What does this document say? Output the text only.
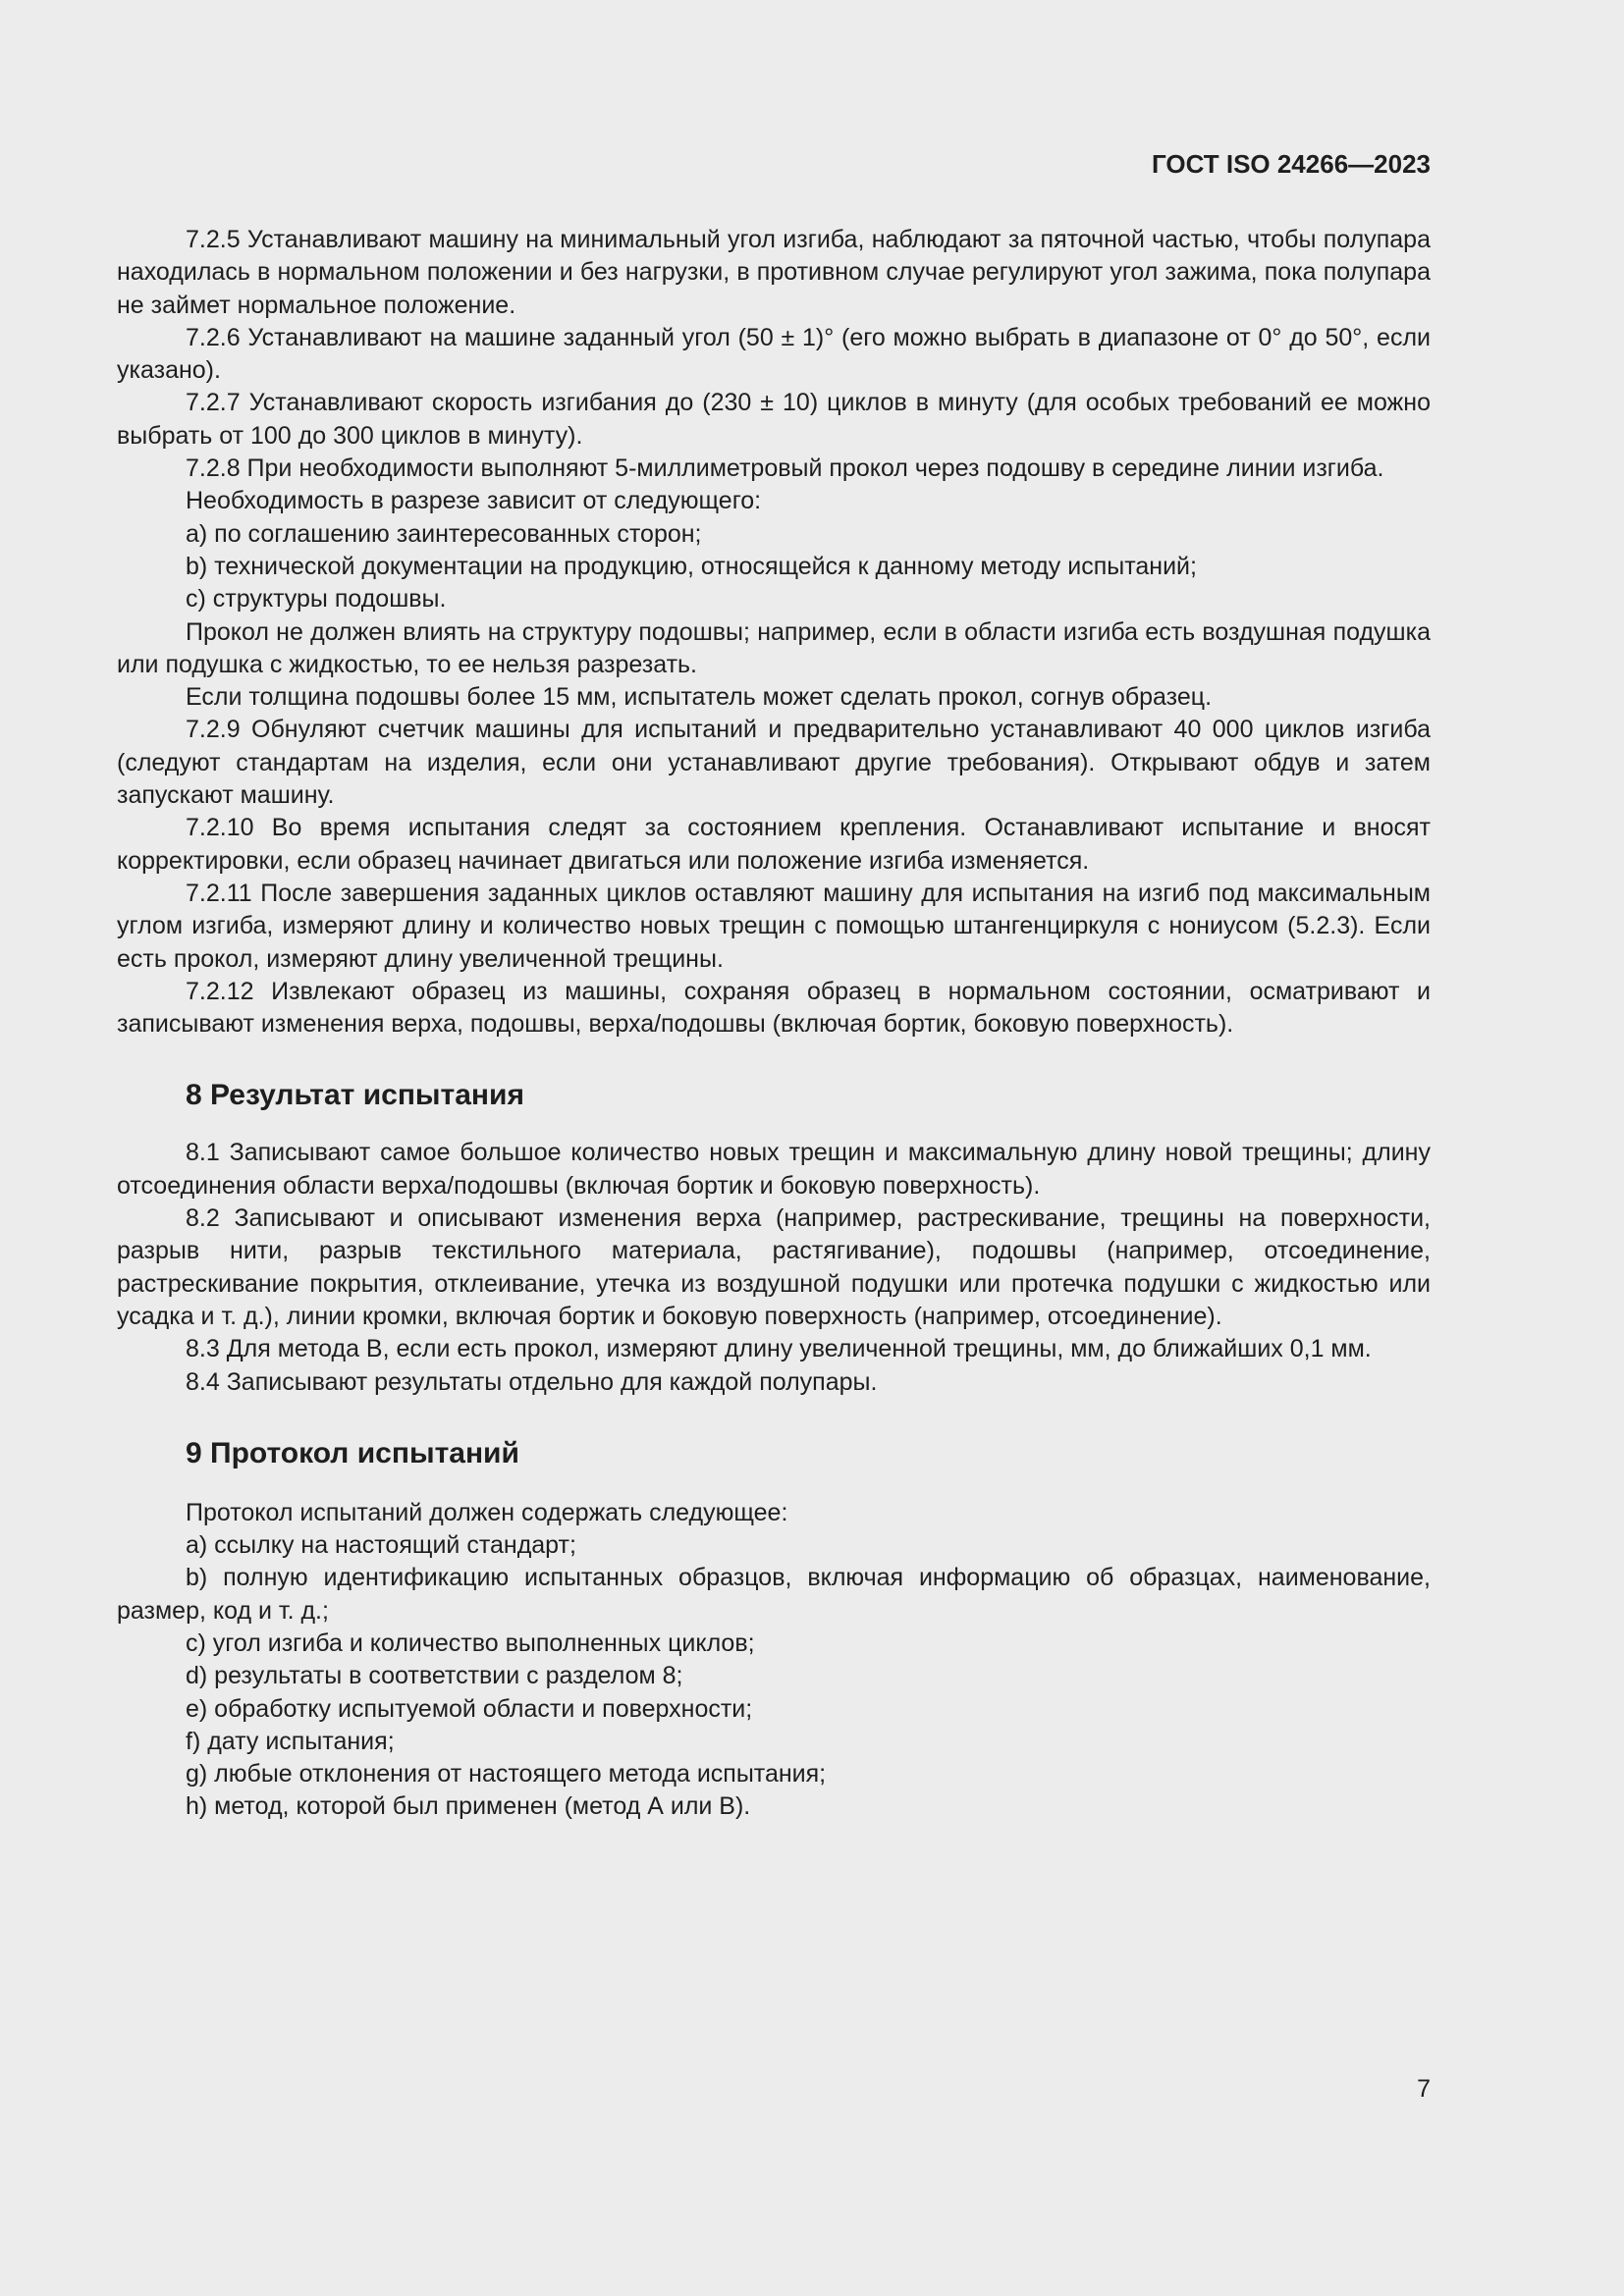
ГОСТ ISO 24266—2023

7.2.5 Устанавливают машину на минимальный угол изгиба, наблюдают за пяточной частью, чтобы полупара находилась в нормальном положении и без нагрузки, в противном случае регулируют угол зажима, пока полупара не займет нормальное положение.

7.2.6 Устанавливают на машине заданный угол (50 ± 1)° (его можно выбрать в диапазоне от 0° до 50°, если указано).

7.2.7 Устанавливают скорость изгибания до (230 ± 10) циклов в минуту (для особых требований ее можно выбрать от 100 до 300 циклов в минуту).

7.2.8 При необходимости выполняют 5-миллиметровый прокол через подошву в середине линии изгиба.

Необходимость в разрезе зависит от следующего:

a) по соглашению заинтересованных сторон;

b) технической документации на продукцию, относящейся к данному методу испытаний;

c) структуры подошвы.

Прокол не должен влиять на структуру подошвы; например, если в области изгиба есть воздушная подушка или подушка с жидкостью, то ее нельзя разрезать.

Если толщина подошвы более 15 мм, испытатель может сделать прокол, согнув образец.

7.2.9 Обнуляют счетчик машины для испытаний и предварительно устанавливают 40 000 циклов изгиба (следуют стандартам на изделия, если они устанавливают другие требования). Открывают обдув и затем запускают машину.

7.2.10 Во время испытания следят за состоянием крепления. Останавливают испытание и вносят корректировки, если образец начинает двигаться или положение изгиба изменяется.

7.2.11 После завершения заданных циклов оставляют машину для испытания на изгиб под максимальным углом изгиба, измеряют длину и количество новых трещин с помощью штангенциркуля с нониусом (5.2.3). Если есть прокол, измеряют длину увеличенной трещины.

7.2.12 Извлекают образец из машины, сохраняя образец в нормальном состоянии, осматривают и записывают изменения верха, подошвы, верха/подошвы (включая бортик, боковую поверхность).

8 Результат испытания

8.1 Записывают самое большое количество новых трещин и максимальную длину новой трещины; длину отсоединения области верха/подошвы (включая бортик и боковую поверхность).

8.2 Записывают и описывают изменения верха (например, растрескивание, трещины на поверхности, разрыв нити, разрыв текстильного материала, растягивание), подошвы (например, отсоединение, растрескивание покрытия, отклеивание, утечка из воздушной подушки или протечка подушки с жидкостью или усадка и т. д.), линии кромки, включая бортик и боковую поверхность (например, отсоединение).

8.3 Для метода В, если есть прокол, измеряют длину увеличенной трещины, мм, до ближайших 0,1 мм.

8.4 Записывают результаты отдельно для каждой полупары.

9 Протокол испытаний

Протокол испытаний должен содержать следующее:

a) ссылку на настоящий стандарт;

b) полную идентификацию испытанных образцов, включая информацию об образцах, наименование, размер, код и т. д.;

c) угол изгиба и количество выполненных циклов;

d) результаты в соответствии с разделом 8;

e) обработку испытуемой области и поверхности;

f) дату испытания;

g) любые отклонения от настоящего метода испытания;

h) метод, которой был применен (метод А или В).

7
